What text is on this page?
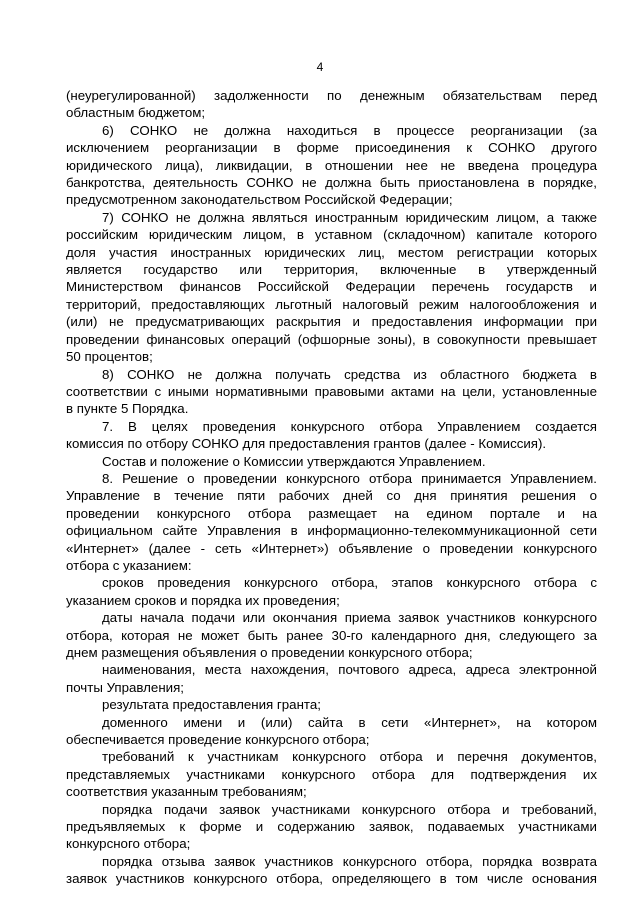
4

(неурегулированной) задолженности по денежным обязательствам перед

областным бюджетом;

6) СОНКО не должна находиться в процессе реорганизации (за

исключением реорганизации в форме присоединения к СОНКО другого

юридического лица), ликвидации, в отношении нее не введена процедура

банкротства, деятельность СОНКО не должна быть приостановлена в порядке,

предусмотренном законодательством Российской Федерации;

7) СОНКО не должна являться иностранным юридическим лицом, а также

российским юридическим лицом, в уставном (складочном) капитале которого

доля участия иностранных юридических лиц, местом регистрации которых

является государство или территория, включенные в утвержденный

Министерством финансов Российской Федерации перечень государств и

территорий, предоставляющих льготный налоговый режим налогообложения и

(или) не предусматривающих раскрытия и предоставления информации при

проведении финансовых операций (офшорные зоны), в совокупности превышает

50 процентов;

8) СОНКО не должна получать средства из областного бюджета в

соответствии с иными нормативными правовыми актами на цели, установленные

в пункте 5 Порядка.

7. В целях проведения конкурсного отбора Управлением создается

комиссия по отбору СОНКО для предоставления грантов (далее - Комиссия).

Состав и положение о Комиссии утверждаются Управлением.

8. Решение о проведении конкурсного отбора принимается Управлением.

Управление в течение пяти рабочих дней со дня принятия решения о

проведении конкурсного отбора размещает на едином портале и на

официальном сайте Управления в информационно-телекоммуникационной сети

«Интернет» (далее - сеть «Интернет») объявление о проведении конкурсного

отбора с указанием:

сроков проведения конкурсного отбора, этапов конкурсного отбора с

указанием сроков и порядка их проведения;

даты начала подачи или окончания приема заявок участников конкурсного

отбора, которая не может быть ранее 30-го календарного дня, следующего за

днем размещения объявления о проведении конкурсного отбора;

наименования, места нахождения, почтового адреса, адреса электронной

почты Управления;

результата предоставления гранта;

доменного имени и (или) сайта в сети «Интернет», на котором

обеспечивается проведение конкурсного отбора;

требований к участникам конкурсного отбора и перечня документов,

представляемых участниками конкурсного отбора для подтверждения их

соответствия указанным требованиям;

порядка подачи заявок участниками конкурсного отбора и требований,

предъявляемых к форме и содержанию заявок, подаваемых участниками

конкурсного отбора;

порядка отзыва заявок участников конкурсного отбора, порядка возврата

заявок участников конкурсного отбора, определяющего в том числе основания
